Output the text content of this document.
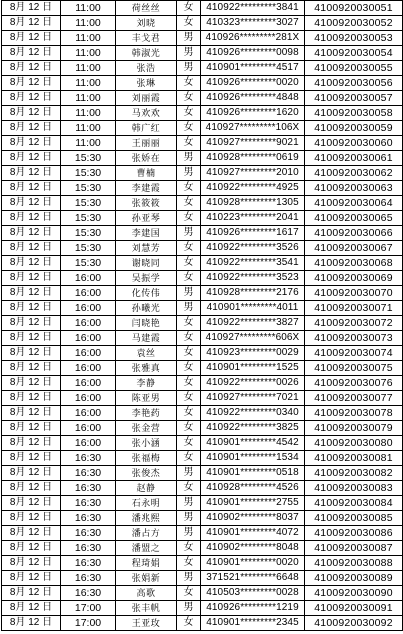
8月 12 日	11:00	荷丝丝	女	410922*********3841	4100920030051
8月 12 日	11:00	刘晓	女	410323*********3027	4100920030052
8月 12 日	11:00	丰戈君	男	410926*********281X	4100920030053
8月 12 日	11:00	韩淑光	男	410926*********0098	4100920030054
8月 12 日	11:00	张浩	男	410901*********4517	4100920030055
8月 12 日	11:00	张琳	女	410926*********0020	4100920030056
8月 12 日	11:00	刘丽霞	女	410926*********4848	4100920030057
8月 12 日	11:00	马欢欢	女	410926*********1620	4100920030058
8月 12 日	11:00	韩广红	女	410927*********106X	4100920030059
8月 12 日	11:00	王丽丽	女	410927*********9021	4100920030060
8月 12 日	15:30	张娇在	男	410928*********0619	4100920030061
8月 12 日	15:30	曹楠	男	410927*********2010	4100920030062
8月 12 日	15:30	李建霞	女	410922*********4925	4100920030063
8月 12 日	15:30	张筱筱	女	410928*********1305	4100920030064
8月 12 日	15:30	孙亚琴	女	410223*********2041	4100920030065
8月 12 日	15:30	李建国	男	410926*********1617	4100920030066
8月 12 日	15:30	刘慧芳	女	410922*********3526	4100920030067
8月 12 日	15:30	谢晓同	女	410922*********3541	4100920030068
8月 12 日	16:00	吴振学	女	410922*********3523	4100920030069
8月 12 日	16:00	化传伟	男	410928*********2176	4100920030070
8月 12 日	16:00	孙曦光	男	410901*********4011	4100920030071
8月 12 日	16:00	闫晓艳	女	410922*********3827	4100920030072
8月 12 日	16:00	马建霞	女	410927*********606X	4100920030073
8月 12 日	16:00	袁丝	女	410923*********0029	4100920030074
8月 12 日	16:00	张雅真	女	410901*********1525	4100920030075
8月 12 日	16:00	李静	女	410922*********0026	4100920030076
8月 12 日	16:00	陈亚男	女	410927*********7021	4100920030077
8月 12 日	16:00	李艳药	女	410922*********0340	4100920030078
8月 12 日	16:00	张金营	女	410922*********3825	4100920030079
8月 12 日	16:00	张小涵	女	410901*********4542	4100920030080
8月 12 日	16:30	张福梅	女	410901*********1534	4100920030081
8月 12 日	16:30	张俊杰	男	410901*********0518	4100920030082
8月 12 日	16:30	赵静	女	410928*********4526	4100920030083
8月 12 日	16:30	石永明	男	410901*********2755	4100920030084
8月 12 日	16:30	潘兆熙	男	410902*********8037	4100920030085
8月 12 日	16:30	潘占方	男	410901*********4072	4100920030086
8月 12 日	16:30	潘盟之	女	410902*********8048	4100920030087
8月 12 日	16:30	程琦娟	女	410901*********0020	4100920030088
8月 12 日	16:30	张娟新	男	371521*********6648	4100920030089
8月 12 日	16:30	高歌	女	410503*********0028	4100920030090
8月 12 日	17:00	张丰帆	男	410926*********1219	4100920030091
8月 12 日	17:00	王亚玫	女	410901*********2345	4100920030092
